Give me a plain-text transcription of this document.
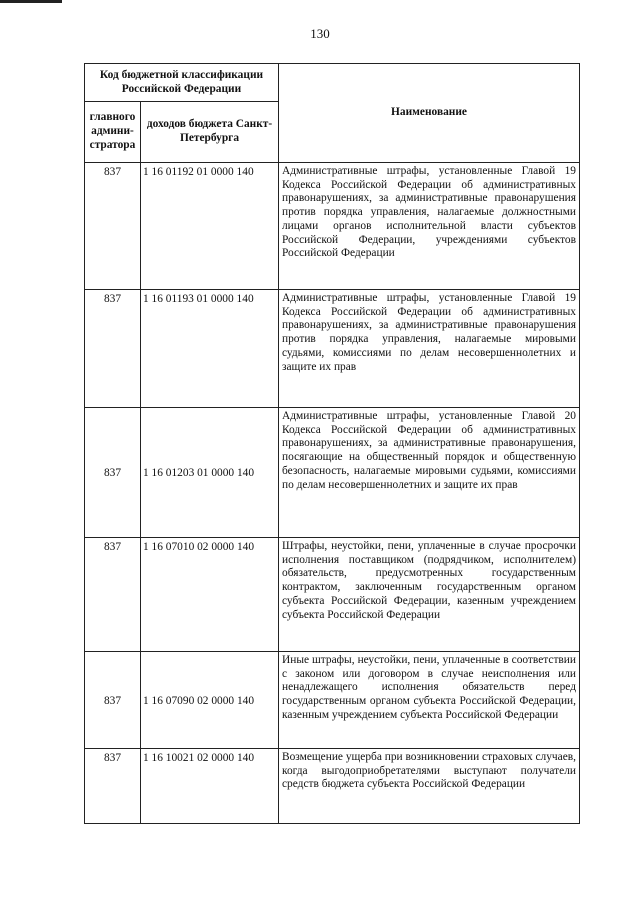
130
Код бюджетной классификации Российской Федерации		Наименование
главного админи-стратора	доходов бюджета Санкт-Петербурга	
837	1 16 01192 01 0000 140	Административные штрафы, установленные Главой 19 Кодекса Российской Федерации об административных правонарушениях, за административные правонарушения против порядка управления, налагаемые должностными лицами органов исполнительной власти субъектов Российской Федерации, учреждениями субъектов Российской Федерации
837	1 16 01193 01 0000 140	Административные штрафы, установленные Главой 19 Кодекса Российской Федерации об административных правонарушениях, за административные правонарушения против порядка управления, налагаемые мировыми судьями, комиссиями по делам несовершеннолетних и защите их прав
837	1 16 01203 01 0000 140	Административные штрафы, установленные Главой 20 Кодекса Российской Федерации об административных правонарушениях, за административные правонарушения, посягающие на общественный порядок и общественную безопасность, налагаемые мировыми судьями, комиссиями по делам несовершеннолетних и защите их прав
837	1 16 07010 02 0000 140	Штрафы, неустойки, пени, уплаченные в случае просрочки исполнения поставщиком (подрядчиком, исполнителем) обязательств, предусмотренных государственным контрактом, заключенным государственным органом субъекта Российской Федерации, казенным учреждением субъекта Российской Федерации
837	1 16 07090 02 0000 140	Иные штрафы, неустойки, пени, уплаченные в соответствии с законом или договором в случае неисполнения или ненадлежащего исполнения обязательств перед государственным органом субъекта Российской Федерации, казенным учреждением субъекта Российской Федерации
837	1 16 10021 02 0000 140	Возмещение ущерба при возникновении страховых случаев, когда выгодоприобретателями выступают получатели средств бюджета субъекта Российской Федерации
